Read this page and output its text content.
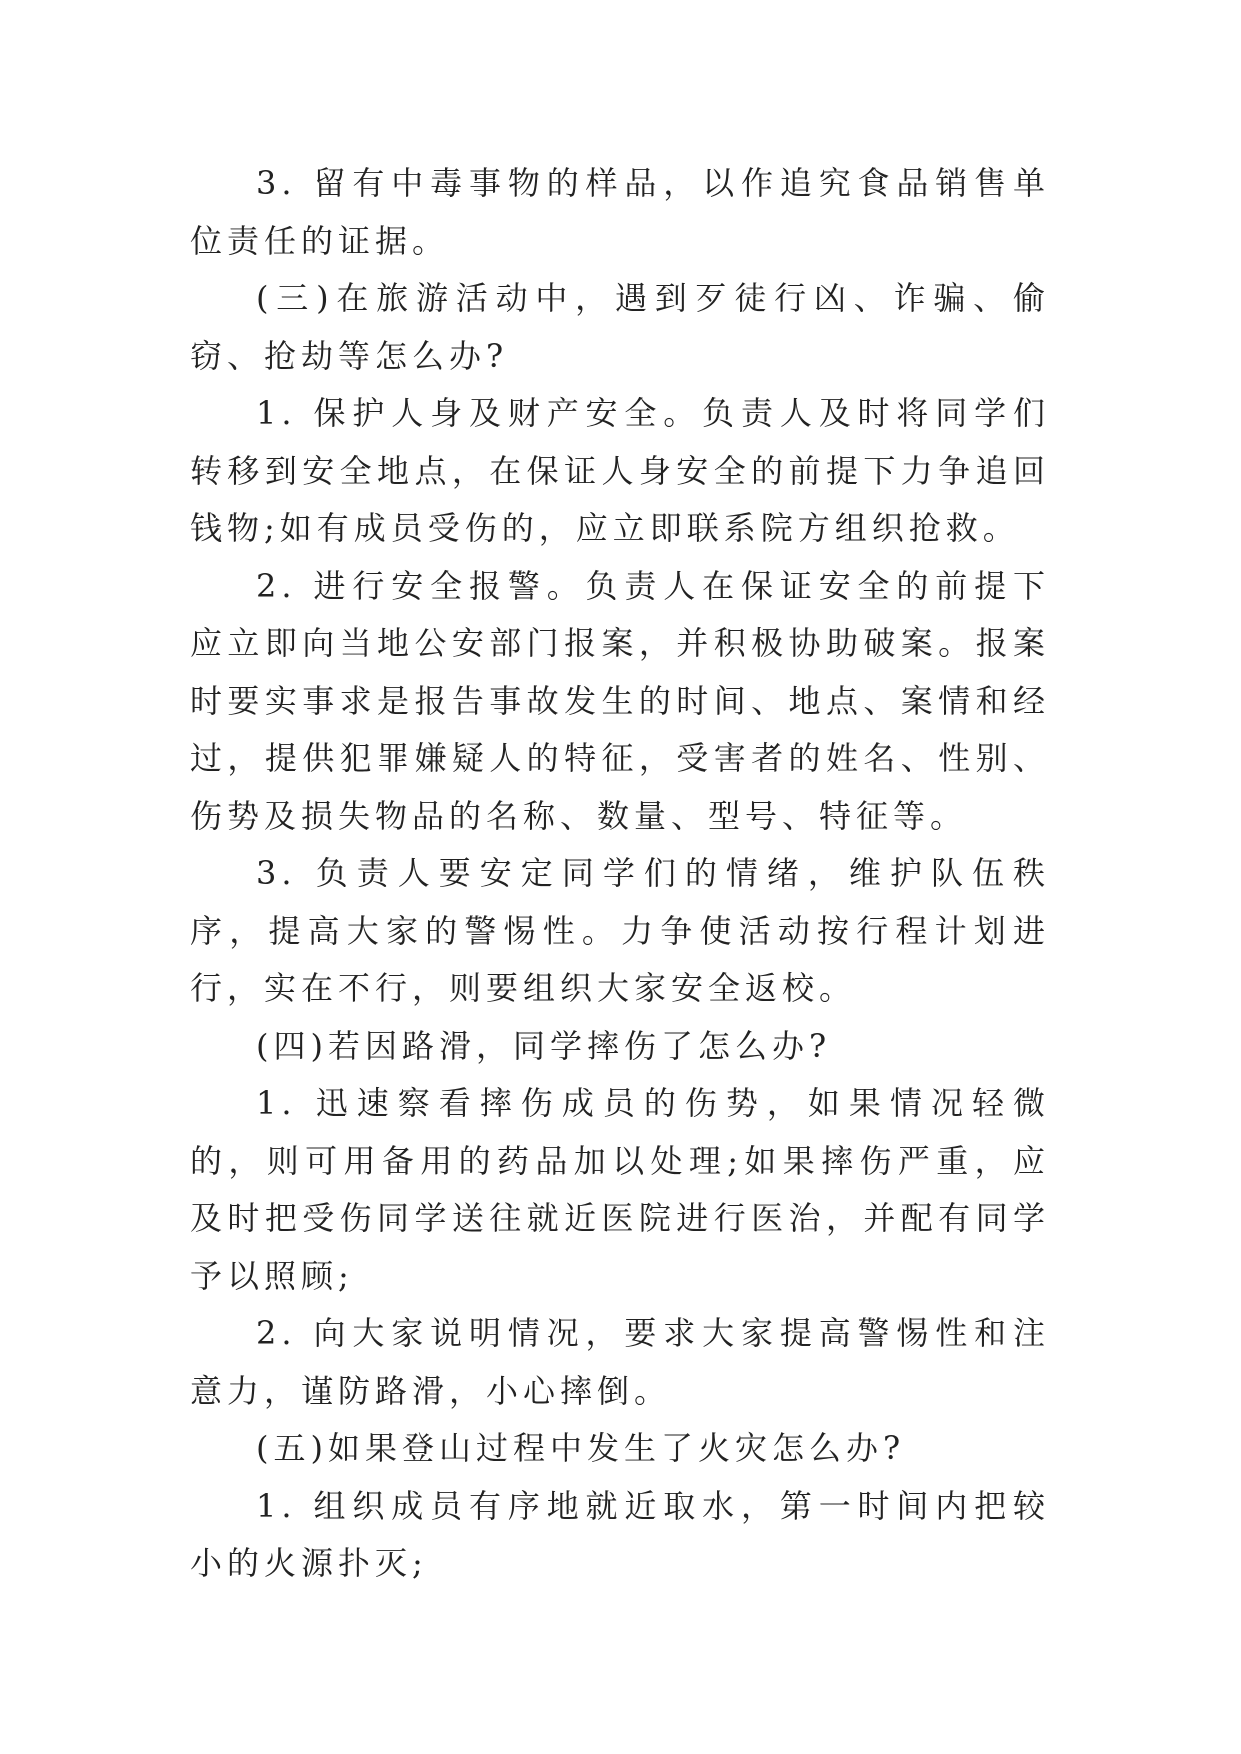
3. 留有中毒事物的样品，以作追究食品销售单位责任的证据。

(三)在旅游活动中，遇到歹徒行凶、诈骗、偷窃、抢劫等怎么办?

1. 保护人身及财产安全。负责人及时将同学们转移到安全地点，在保证人身安全的前提下力争追回钱物;如有成员受伤的，应立即联系院方组织抢救。

2. 进行安全报警。负责人在保证安全的前提下应立即向当地公安部门报案，并积极协助破案。报案时要实事求是报告事故发生的时间、地点、案情和经过，提供犯罪嫌疑人的特征，受害者的姓名、性别、伤势及损失物品的名称、数量、型号、特征等。

3. 负责人要安定同学们的情绪，维护队伍秩序，提高大家的警惕性。力争使活动按行程计划进行，实在不行，则要组织大家安全返校。

(四)若因路滑，同学摔伤了怎么办?

1. 迅速察看摔伤成员的伤势，如果情况轻微的，则可用备用的药品加以处理;如果摔伤严重，应及时把受伤同学送往就近医院进行医治，并配有同学予以照顾;

2. 向大家说明情况，要求大家提高警惕性和注意力，谨防路滑，小心摔倒。

(五)如果登山过程中发生了火灾怎么办?

1. 组织成员有序地就近取水，第一时间内把较小的火源扑灭;
